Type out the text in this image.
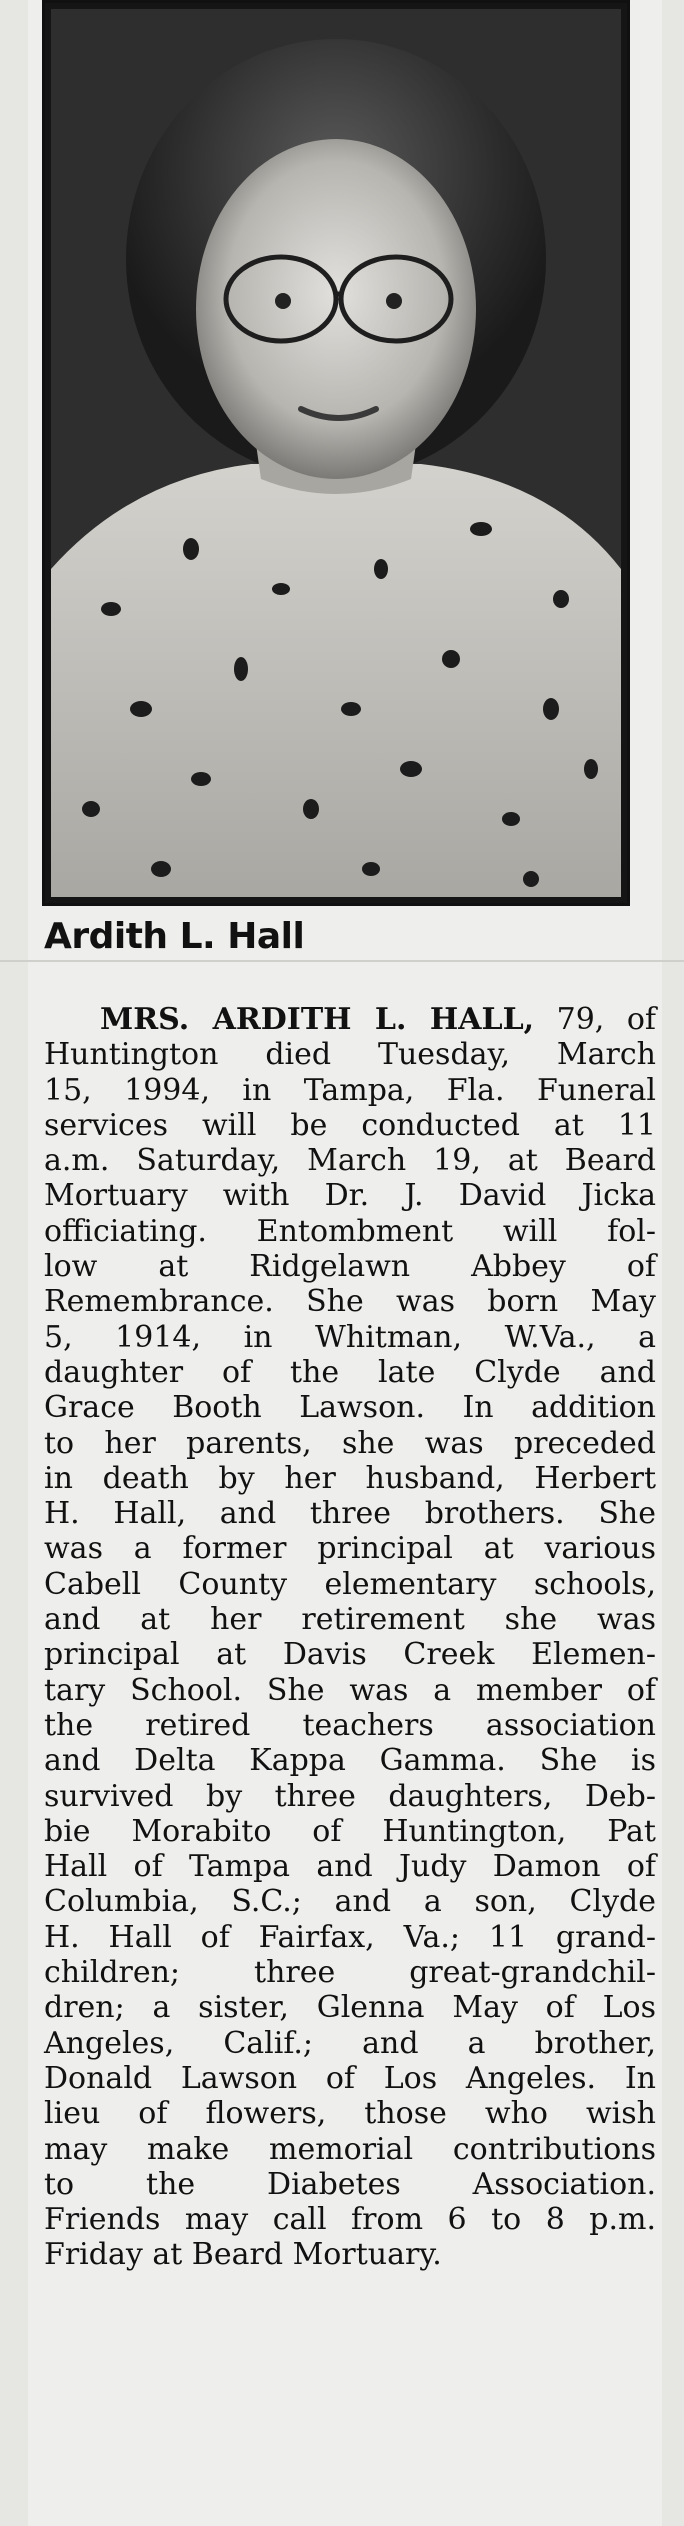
Ardith L. Hall
MRS. ARDITH L. HALL, 79, of
Huntington died Tuesday, March
15, 1994, in Tampa, Fla. Funeral
services will be conducted at 11
a.m. Saturday, March 19, at Beard
Mortuary with Dr. J. David Jicka
officiating. Entombment will fol-
low at Ridgelawn Abbey of
Remembrance. She was born May
5, 1914, in Whitman, W.Va., a
daughter of the late Clyde and
Grace Booth Lawson. In addition
to her parents, she was preceded
in death by her husband, Herbert
H. Hall, and three brothers. She
was a former principal at various
Cabell County elementary schools,
and at her retirement she was
principal at Davis Creek Elemen-
tary School. She was a member of
the retired teachers association
and Delta Kappa Gamma. She is
survived by three daughters, Deb-
bie Morabito of Huntington, Pat
Hall of Tampa and Judy Damon of
Columbia, S.C.; and a son, Clyde
H. Hall of Fairfax, Va.; 11 grand-
children; three great-grandchil-
dren; a sister, Glenna May of Los
Angeles, Calif.; and a brother,
Donald Lawson of Los Angeles. In
lieu of flowers, those who wish
may make memorial contributions
to the Diabetes Association.
Friends may call from 6 to 8 p.m.
Friday at Beard Mortuary.
